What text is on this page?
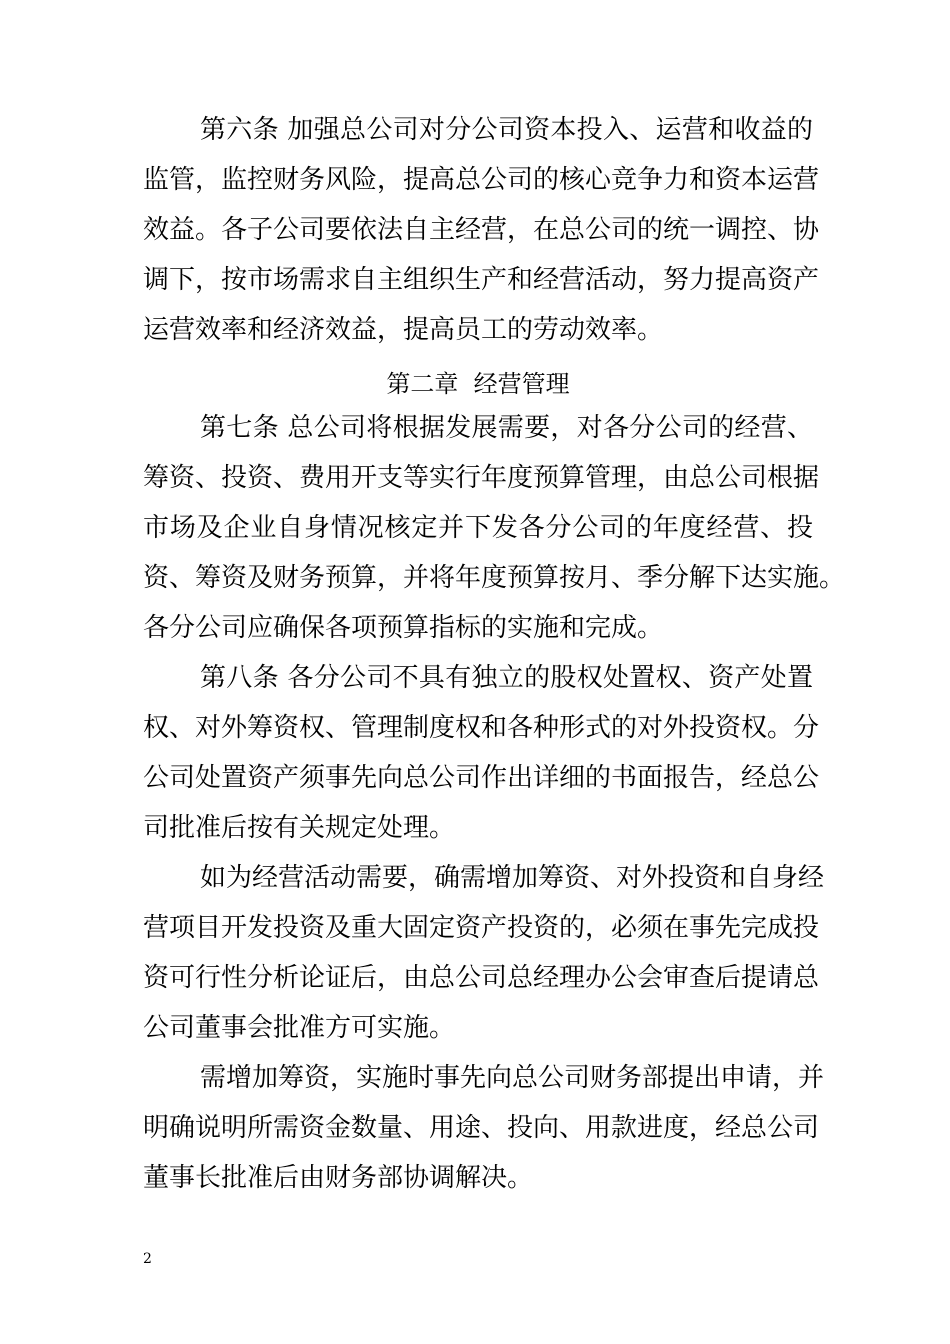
第六条 加强总公司对分公司资本投入、运营和收益的
监管，监控财务风险，提高总公司的核心竞争力和资本运营
效益。各子公司要依法自主经营，在总公司的统一调控、协
调下，按市场需求自主组织生产和经营活动，努力提高资产
运营效率和经济效益，提高员工的劳动效率。
第二章  经营管理
第七条 总公司将根据发展需要，对各分公司的经营、
筹资、投资、费用开支等实行年度预算管理，由总公司根据
市场及企业自身情况核定并下发各分公司的年度经营、投
资、筹资及财务预算，并将年度预算按月、季分解下达实施。
各分公司应确保各项预算指标的实施和完成。
第八条 各分公司不具有独立的股权处置权、资产处置
权、对外筹资权、管理制度权和各种形式的对外投资权。分
公司处置资产须事先向总公司作出详细的书面报告，经总公
司批准后按有关规定处理。
如为经营活动需要，确需增加筹资、对外投资和自身经
营项目开发投资及重大固定资产投资的，必须在事先完成投
资可行性分析论证后，由总公司总经理办公会审查后提请总
公司董事会批准方可实施。
需增加筹资，实施时事先向总公司财务部提出申请，并
明确说明所需资金数量、用途、投向、用款进度，经总公司
董事长批准后由财务部协调解决。
2
